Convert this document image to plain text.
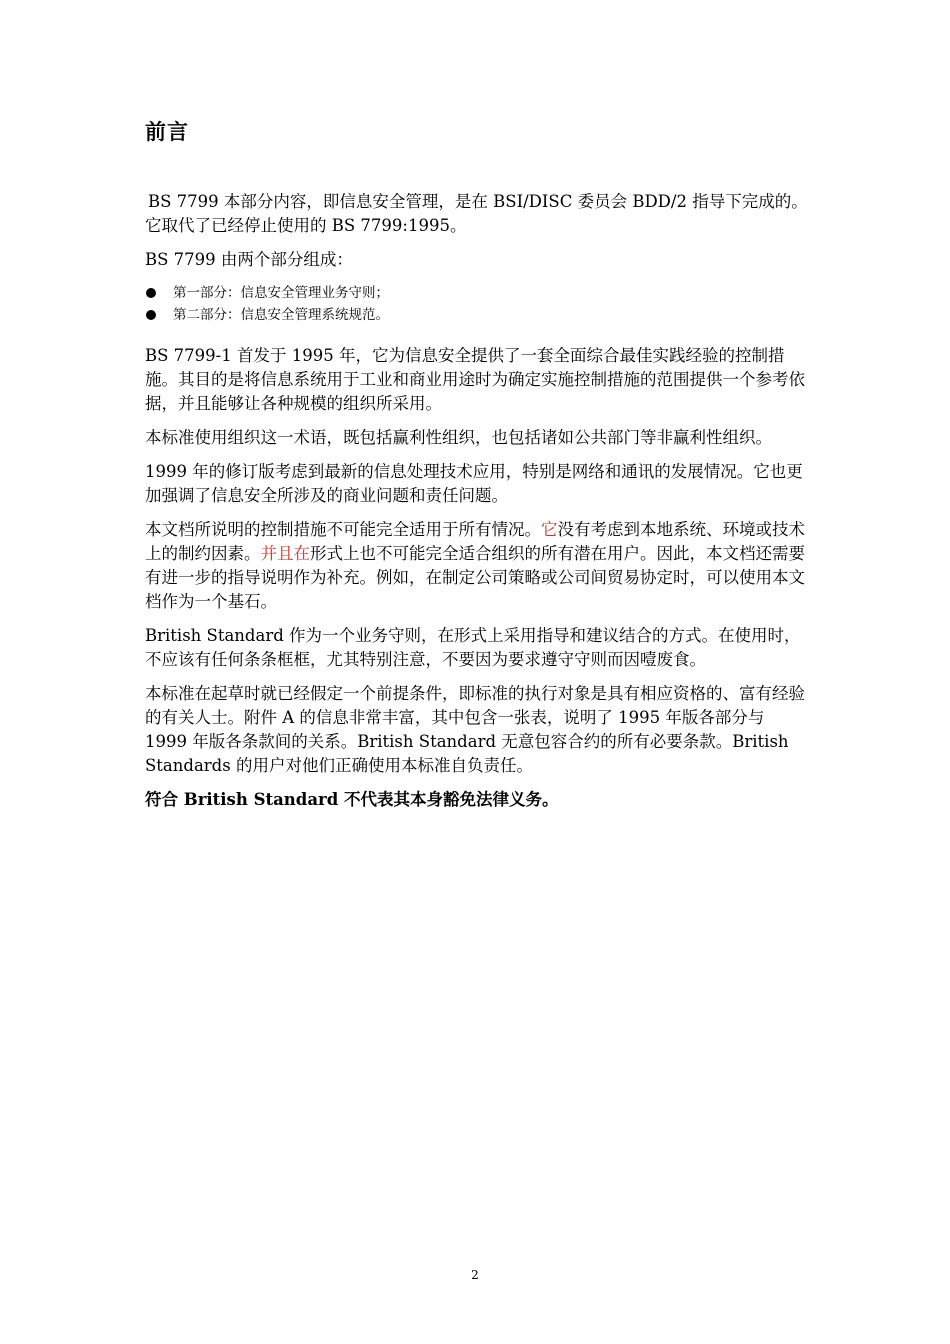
前言

BS 7799 本部分内容，即信息安全管理，是在 BSI/DISC 委员会 BDD/2 指导下完成的。它取代了已经停止使用的 BS 7799:1995。

BS 7799 由两个部分组成：

第一部分：信息安全管理业务守则；
第二部分：信息安全管理系统规范。

BS 7799-1 首发于 1995 年，它为信息安全提供了一套全面综合最佳实践经验的控制措施。其目的是将信息系统用于工业和商业用途时为确定实施控制措施的范围提供一个参考依据，并且能够让各种规模的组织所采用。

本标准使用组织这一术语，既包括赢利性组织，也包括诸如公共部门等非赢利性组织。

1999 年的修订版考虑到最新的信息处理技术应用，特别是网络和通讯的发展情况。它也更加强调了信息安全所涉及的商业问题和责任问题。

本文档所说明的控制措施不可能完全适用于所有情况。它没有考虑到本地系统、环境或技术上的制约因素。并且在形式上也不可能完全适合组织的所有潜在用户。因此，本文档还需要有进一步的指导说明作为补充。例如，在制定公司策略或公司间贸易协定时，可以使用本文档作为一个基石。

British Standard 作为一个业务守则，在形式上采用指导和建议结合的方式。在使用时，不应该有任何条条框框，尤其特别注意，不要因为要求遵守守则而因噎废食。

本标准在起草时就已经假定一个前提条件，即标准的执行对象是具有相应资格的、富有经验的有关人士。附件 A 的信息非常丰富，其中包含一张表，说明了 1995 年版各部分与 1999 年版各条款间的关系。British Standard 无意包容合约的所有必要条款。British Standards 的用户对他们正确使用本标准自负责任。

符合 British Standard 不代表其本身豁免法律义务。

2
